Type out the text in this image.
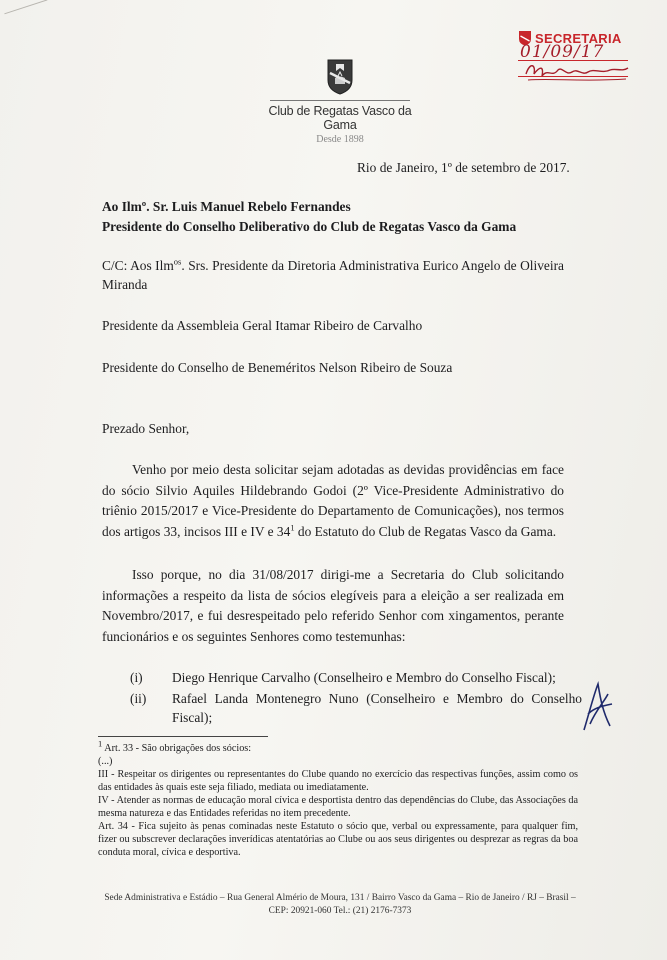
Club de Regatas Vasco da Gama
Desde 1898
SECRETARIA
01/09/17
Rio de Janeiro, 1º de setembro de 2017.
Ao Ilmº. Sr. Luis Manuel Rebelo Fernandes
Presidente do Conselho Deliberativo do Club de Regatas Vasco da Gama
C/C: Aos Ilm$^{os}$. Srs. Presidente da Diretoria Administrativa Eurico Angelo de Oliveira Miranda
Presidente da Assembleia Geral Itamar Ribeiro de Carvalho
Presidente do Conselho de Beneméritos Nelson Ribeiro de Souza
Prezado Senhor,
Venho por meio desta solicitar sejam adotadas as devidas providências em face do sócio Silvio Aquiles Hildebrando Godoi (2º Vice-Presidente Administrativo do triênio 2015/2017 e Vice-Presidente do Departamento de Comunicações), nos termos dos artigos 33, incisos III e IV e $34^1$ do Estatuto do Club de Regatas Vasco da Gama.
Isso porque, no dia 31/08/2017 dirigi-me a Secretaria do Club solicitando informações a respeito da lista de sócios elegíveis para a eleição a ser realizada em Novembro/2017, e fui desrespeitado pelo referido Senhor com xingamentos, perante funcionários e os seguintes Senhores como testemunhas:
(i)	Diego Henrique Carvalho (Conselheiro e Membro do Conselho Fiscal);
(ii)	Rafael Landa Montenegro Nuno (Conselheiro e Membro do Conselho Fiscal);
$^1$ Art. 33 - São obrigações dos sócios:
(...)
III - Respeitar os dirigentes ou representantes do Clube quando no exercício das respectivas funções, assim como os das entidades às quais este seja filiado, mediata ou imediatamente.
IV - Atender as normas de educação moral cívica e desportista dentro das dependências do Clube, das Associações da mesma natureza e das Entidades referidas no item precedente.
Art. 34 - Fica sujeito às penas cominadas neste Estatuto o sócio que, verbal ou expressamente, para qualquer fim, fizer ou subscrever declarações inverídicas atentatórias ao Clube ou aos seus dirigentes ou desprezar as regras da boa conduta moral, cívica e desportiva.
Sede Administrativa e Estádio – Rua General Almério de Moura, 131 / Bairro Vasco da Gama – Rio de Janeiro / RJ – Brasil –
CEP: 20921-060 Tel.: (21) 2176-7373
